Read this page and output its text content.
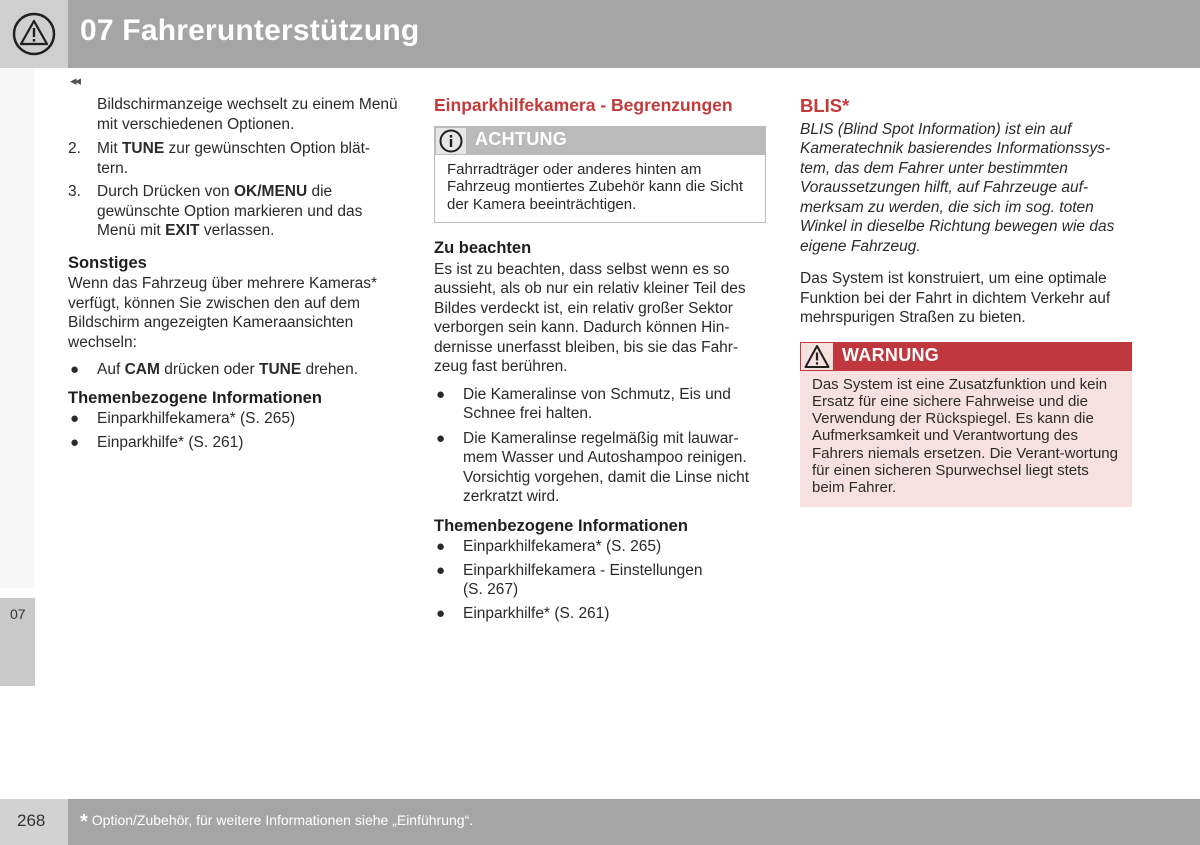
07 Fahrerunterstützung
07
◂◂

Bildschirmanzeige wechselt zu einem Menü mit verschiedenen Optionen.

2. Mit TUNE zur gewünschten Option blät-tern.
3. Durch Drücken von OK/MENU die gewünschte Option markieren und das Menü mit EXIT verlassen.
Sonstiges

Wenn das Fahrzeug über mehrere Kameras* verfügt, können Sie zwischen den auf dem Bildschirm angezeigten Kameraansichten wechseln:

● Auf CAM drücken oder TUNE drehen.
Themenbezogene Informationen
● Einparkhilfekamera* (S. 265)
● Einparkhilfe* (S. 261)
Einparkhilfekamera - Begrenzungen
ACHTUNG
Fahrradträger oder anderes hinten am Fahrzeug montiertes Zubehör kann die Sicht der Kamera beeinträchtigen.
Zu beachten

Es ist zu beachten, dass selbst wenn es so aussieht, als ob nur ein relativ kleiner Teil des Bildes verdeckt ist, ein relativ großer Sektor verborgen sein kann. Dadurch können Hin-dernisse unerfasst bleiben, bis sie das Fahr-zeug fast berühren.

● Die Kameralinse von Schmutz, Eis und Schnee frei halten.
● Die Kameralinse regelmäßig mit lauwar-mem Wasser und Autoshampoo reinigen. Vorsichtig vorgehen, damit die Linse nicht zerkratzt wird.
Themenbezogene Informationen
● Einparkhilfekamera* (S. 265)
● Einparkhilfekamera - Einstellungen (S. 267)
● Einparkhilfe* (S. 261)
BLIS*

BLIS (Blind Spot Information) ist ein auf Kameratechnik basierendes Informationssys-tem, das dem Fahrer unter bestimmten Voraussetzungen hilft, auf Fahrzeuge auf-merksam zu werden, die sich im sog. toten Winkel in dieselbe Richtung bewegen wie das eigene Fahrzeug.

Das System ist konstruiert, um eine optimale Funktion bei der Fahrt in dichtem Verkehr auf mehrspurigen Straßen zu bieten.

WARNUNG
Das System ist eine Zusatzfunktion und kein Ersatz für eine sichere Fahrweise und die Verwendung der Rückspiegel. Es kann die Aufmerksamkeit und Verantwortung des Fahrers niemals ersetzen. Die Verant-wortung für einen sicheren Spurwechsel liegt stets beim Fahrer.
268 * Option/Zubehör, für weitere Informationen siehe „Einführung“.
